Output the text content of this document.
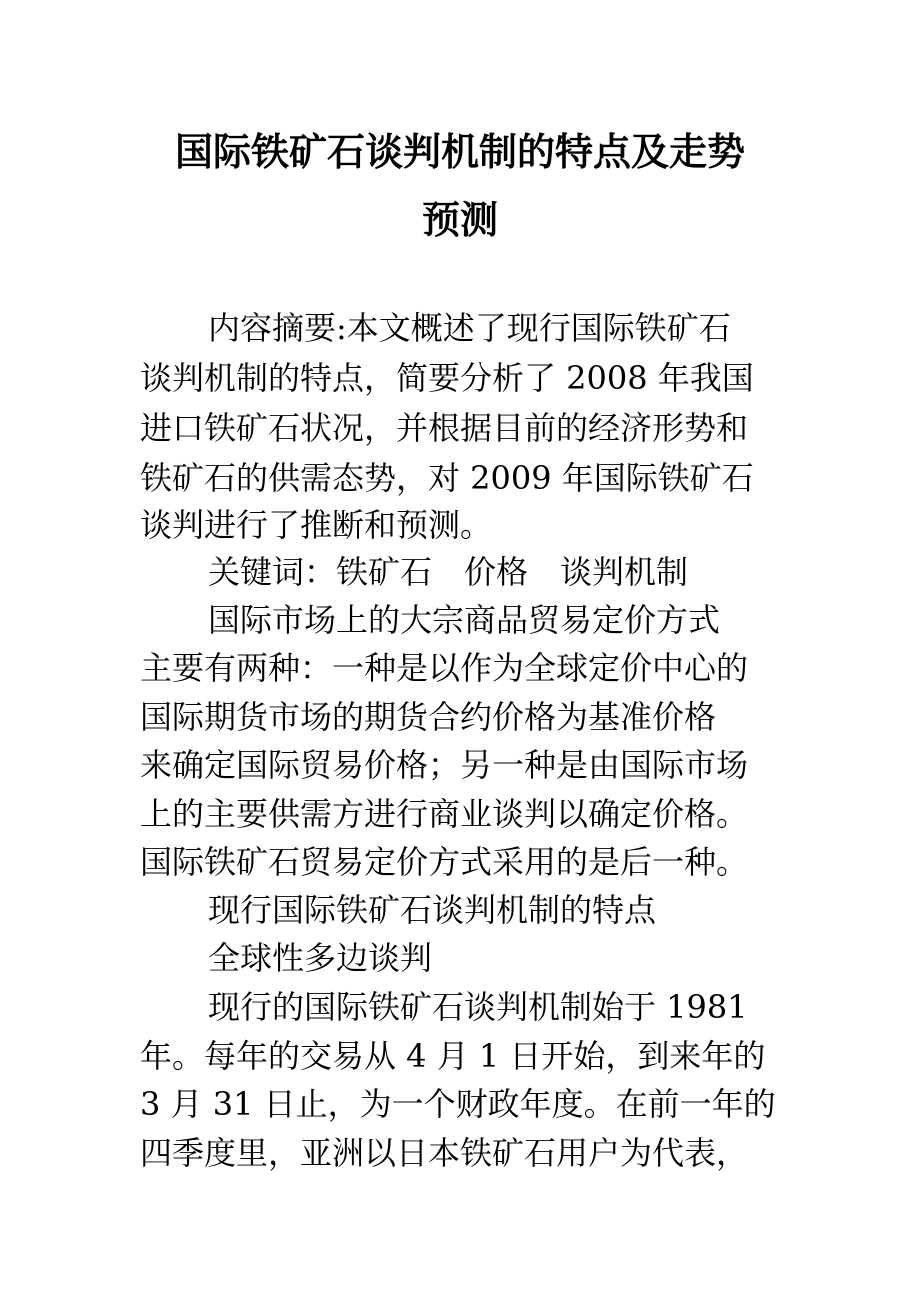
国际铁矿石谈判机制的特点及走势
预测

内容摘要:本文概述了现行国际铁矿石

谈判机制的特点，简要分析了 2008 年我国

进口铁矿石状况，并根据目前的经济形势和

铁矿石的供需态势，对 2009 年国际铁矿石

谈判进行了推断和预测。

关键词：铁矿石　价格　谈判机制

国际市场上的大宗商品贸易定价方式

主要有两种：一种是以作为全球定价中心的

国际期货市场的期货合约价格为基准价格

来确定国际贸易价格；另一种是由国际市场

上的主要供需方进行商业谈判以确定价格。

国际铁矿石贸易定价方式采用的是后一种。

现行国际铁矿石谈判机制的特点

全球性多边谈判

现行的国际铁矿石谈判机制始于 1981

年。每年的交易从 4 月 1 日开始，到来年的

3 月 31 日止，为一个财政年度。在前一年的

四季度里，亚洲以日本铁矿石用户为代表，
